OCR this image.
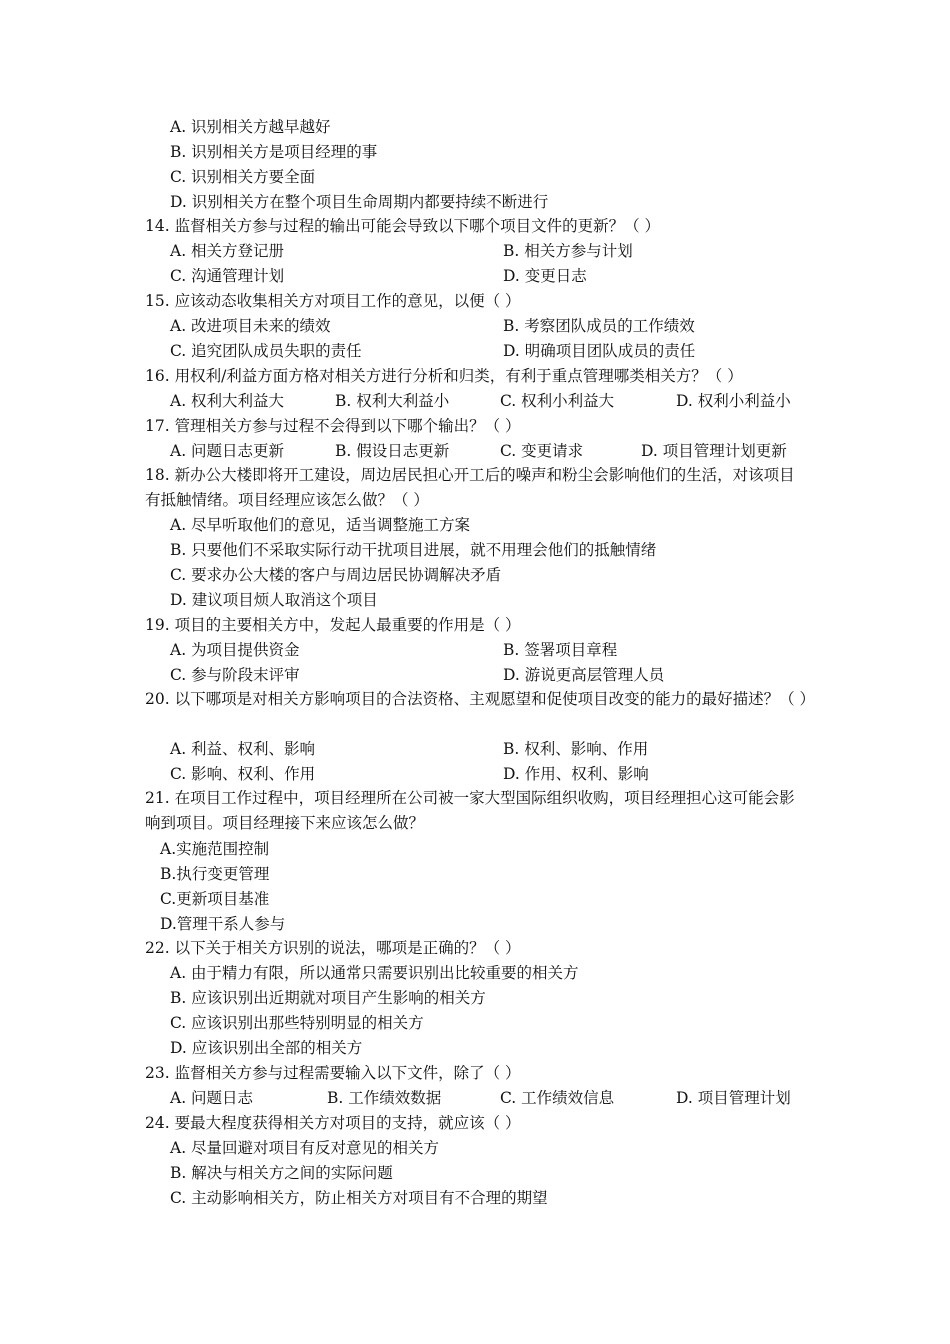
A. 识别相关方越早越好
B. 识别相关方是项目经理的事
C. 识别相关方要全面
D. 识别相关方在整个项目生命周期内都要持续不断进行
14. 监督相关方参与过程的输出可能会导致以下哪个项目文件的更新？（ ）
A. 相关方登记册	B. 相关方参与计划
C. 沟通管理计划	D. 变更日志
15. 应该动态收集相关方对项目工作的意见，以便（ ）
A. 改进项目未来的绩效	B. 考察团队成员的工作绩效
C. 追究团队成员失职的责任	D. 明确项目团队成员的责任
16. 用权利/利益方面方格对相关方进行分析和归类，有利于重点管理哪类相关方？（ ）
A. 权利大利益大	B. 权利大利益小	C. 权利小利益大	D. 权利小利益小
17. 管理相关方参与过程不会得到以下哪个输出？（ ）
A. 问题日志更新	B. 假设日志更新	C. 变更请求	D. 项目管理计划更新
18. 新办公大楼即将开工建设，周边居民担心开工后的噪声和粉尘会影响他们的生活，对该项目有抵触情绪。项目经理应该怎么做？（ ）
A. 尽早听取他们的意见，适当调整施工方案
B. 只要他们不采取实际行动干扰项目进展，就不用理会他们的抵触情绪
C. 要求办公大楼的客户与周边居民协调解决矛盾
D. 建议项目烦人取消这个项目
19. 项目的主要相关方中，发起人最重要的作用是（ ）
A. 为项目提供资金	B. 签署项目章程
C. 参与阶段末评审	D. 游说更高层管理人员
20. 以下哪项是对相关方影响项目的合法资格、主观愿望和促使项目改变的能力的最好描述？（ ）
A. 利益、权利、影响	B. 权利、影响、作用
C. 影响、权利、作用	D. 作用、权利、影响
21. 在项目工作过程中，项目经理所在公司被一家大型国际组织收购，项目经理担心这可能会影响到项目。项目经理接下来应该怎么做？
A.实施范围控制
B.执行变更管理
C.更新项目基准
D.管理干系人参与
22. 以下关于相关方识别的说法，哪项是正确的？（ ）
A. 由于精力有限，所以通常只需要识别出比较重要的相关方
B. 应该识别出近期就对项目产生影响的相关方
C. 应该识别出那些特别明显的相关方
D. 应该识别出全部的相关方
23. 监督相关方参与过程需要输入以下文件，除了（ ）
A. 问题日志	B. 工作绩效数据	C. 工作绩效信息	D. 项目管理计划
24. 要最大程度获得相关方对项目的支持，就应该（ ）
A. 尽量回避对项目有反对意见的相关方
B. 解决与相关方之间的实际问题
C. 主动影响相关方，防止相关方对项目有不合理的期望
